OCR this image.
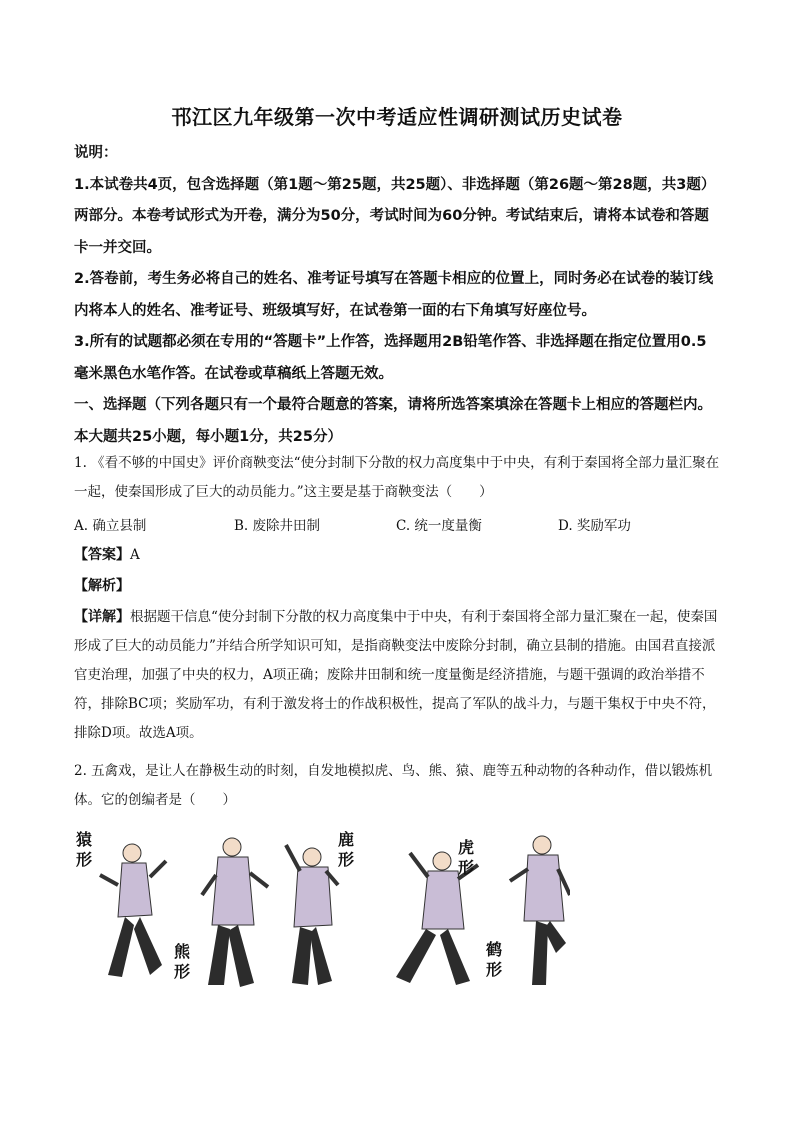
邗江区九年级第一次中考适应性调研测试历史试卷

说明：

1.本试卷共4页，包含选择题（第1题～第25题，共25题）、非选择题（第26题～第28题，共3题）两部分。本卷考试形式为开卷，满分为50分，考试时间为60分钟。考试结束后，请将本试卷和答题卡一并交回。

2.答卷前，考生务必将自己的姓名、准考证号填写在答题卡相应的位置上，同时务必在试卷的装订线内将本人的姓名、准考证号、班级填写好，在试卷第一面的右下角填写好座位号。

3.所有的试题都必须在专用的“答题卡”上作答，选择题用2B铅笔作答、非选择题在指定位置用0.5毫米黑色水笔作答。在试卷或草稿纸上答题无效。

一、选择题（下列各题只有一个最符合题意的答案，请将所选答案填涂在答题卡上相应的答题栏内。本大题共25小题，每小题1分，共25分）

1. 《看不够的中国史》评价商鞅变法“使分封制下分散的权力高度集中于中央，有利于秦国将全部力量汇聚在一起，使秦国形成了巨大的动员能力。”这主要是基于商鞅变法（　　）

A. 确立县制	B. 废除井田制	C. 统一度量衡	D. 奖励军功
【答案】A
【解析】

【详解】根据题干信息“使分封制下分散的权力高度集中于中央，有利于秦国将全部力量汇聚在一起，使秦国形成了巨大的动员能力”并结合所学知识可知，是指商鞅变法中废除分封制，确立县制的措施。由国君直接派官吏治理，加强了中央的权力，A项正确；废除井田制和统一度量衡是经济措施，与题干强调的政治举措不符，排除BC项；奖励军功，有利于激发将士的作战积极性，提高了军队的战斗力，与题干集权于中央不符，排除D项。故选A项。

2. 五禽戏，是让人在静极生动的时刻，自发地模拟虎、鸟、熊、猿、鹿等五种动物的各种动作，借以锻炼机体。它的创编者是（　　）

猿
形
熊
形
鹿
形
虎
形
鹤
形
